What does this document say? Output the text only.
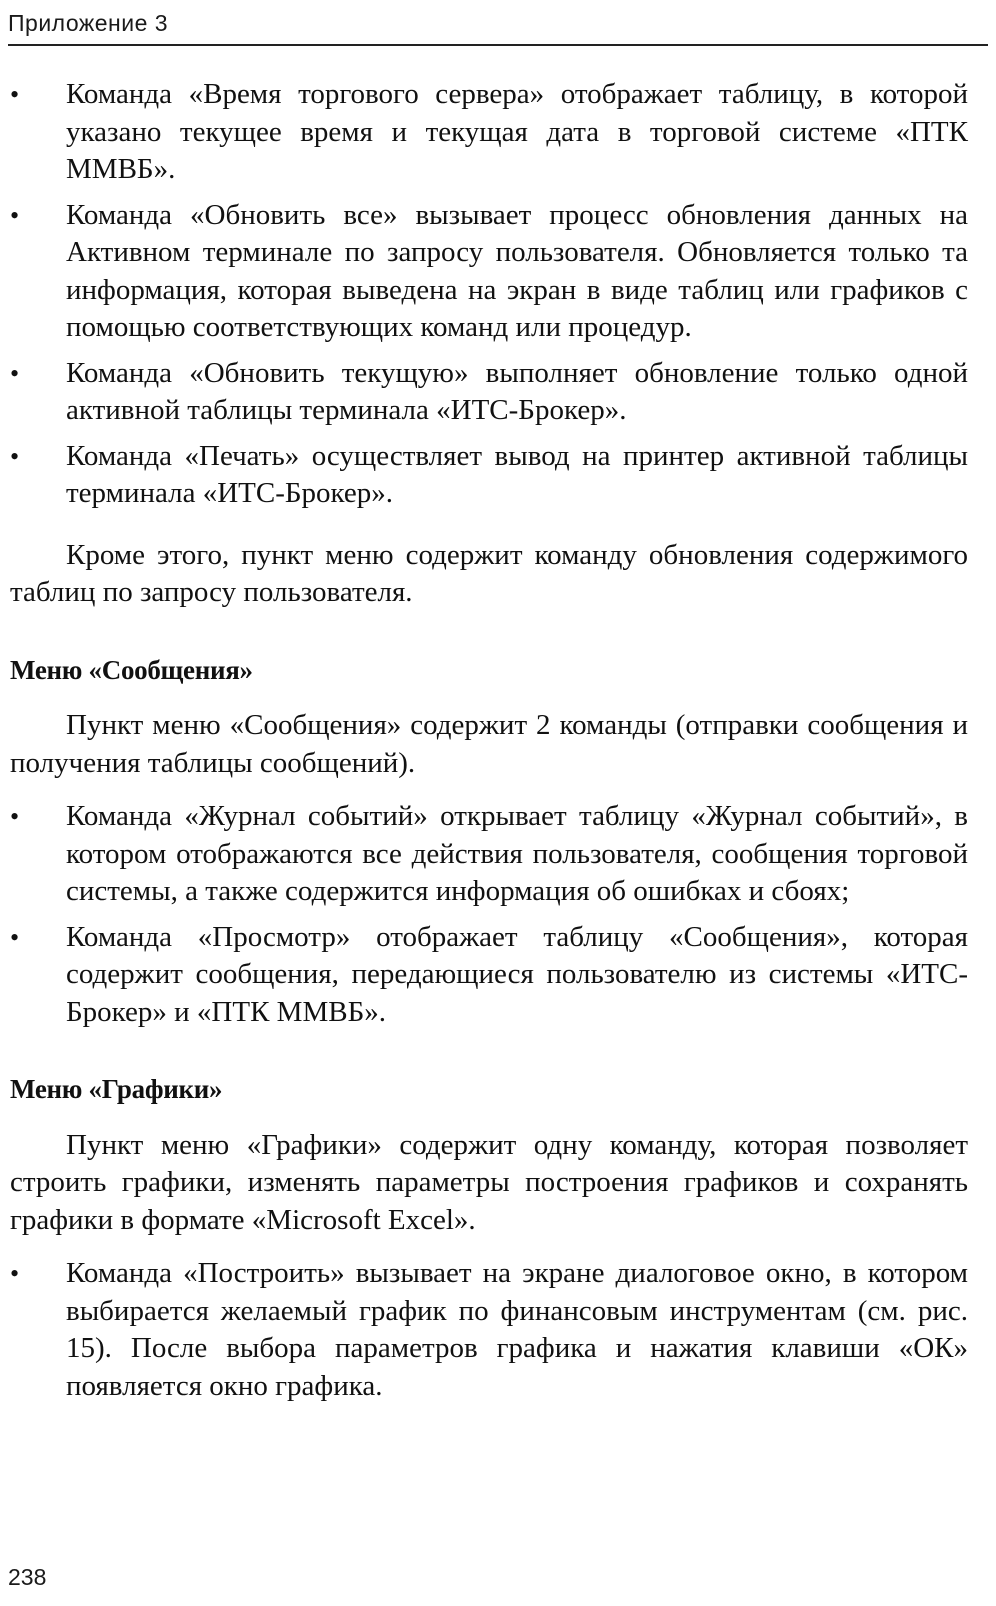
Приложение 3
•	Команда «Время торгового сервера» отображает таблицу, в которой указано текущее время и текущая дата в торговой системе «ПТК ММВБ».
•	Команда «Обновить все» вызывает процесс обновления данных на Активном терминале по запросу пользователя. Обновляется только та информация, которая выведена на экран в виде таблиц или графиков с помощью соответствующих команд или процедур.
•	Команда «Обновить текущую» выполняет обновление только одной активной таблицы терминала «ИТС-Брокер».
•	Команда «Печать» осуществляет вывод на принтер активной таблицы терминала «ИТС-Брокер».

Кроме этого, пункт меню содержит команду обновления содержимого таблиц по запросу пользователя.

Меню «Сообщения»

Пункт меню «Сообщения» содержит 2 команды (отправки сообщения и получения таблицы сообщений).

•	Команда «Журнал событий» открывает таблицу «Журнал событий», в котором отображаются все действия пользователя, сообщения торговой системы, а также содержится информация об ошибках и сбоях;
•	Команда «Просмотр» отображает таблицу «Сообщения», которая содержит сообщения, передающиеся пользователю из системы «ИТС-Брокер» и «ПТК ММВБ».
Меню «Графики»

Пункт меню «Графики» содержит одну команду, которая позволяет строить графики, изменять параметры построения графиков и сохранять графики в формате «Microsoft Excel».

•	Команда «Построить» вызывает на экране диалоговое окно, в котором выбирается желаемый график по финансовым инструментам (см. рис. 15). После выбора параметров графика и нажатия клавиши «ОК» появляется окно графика.
238
